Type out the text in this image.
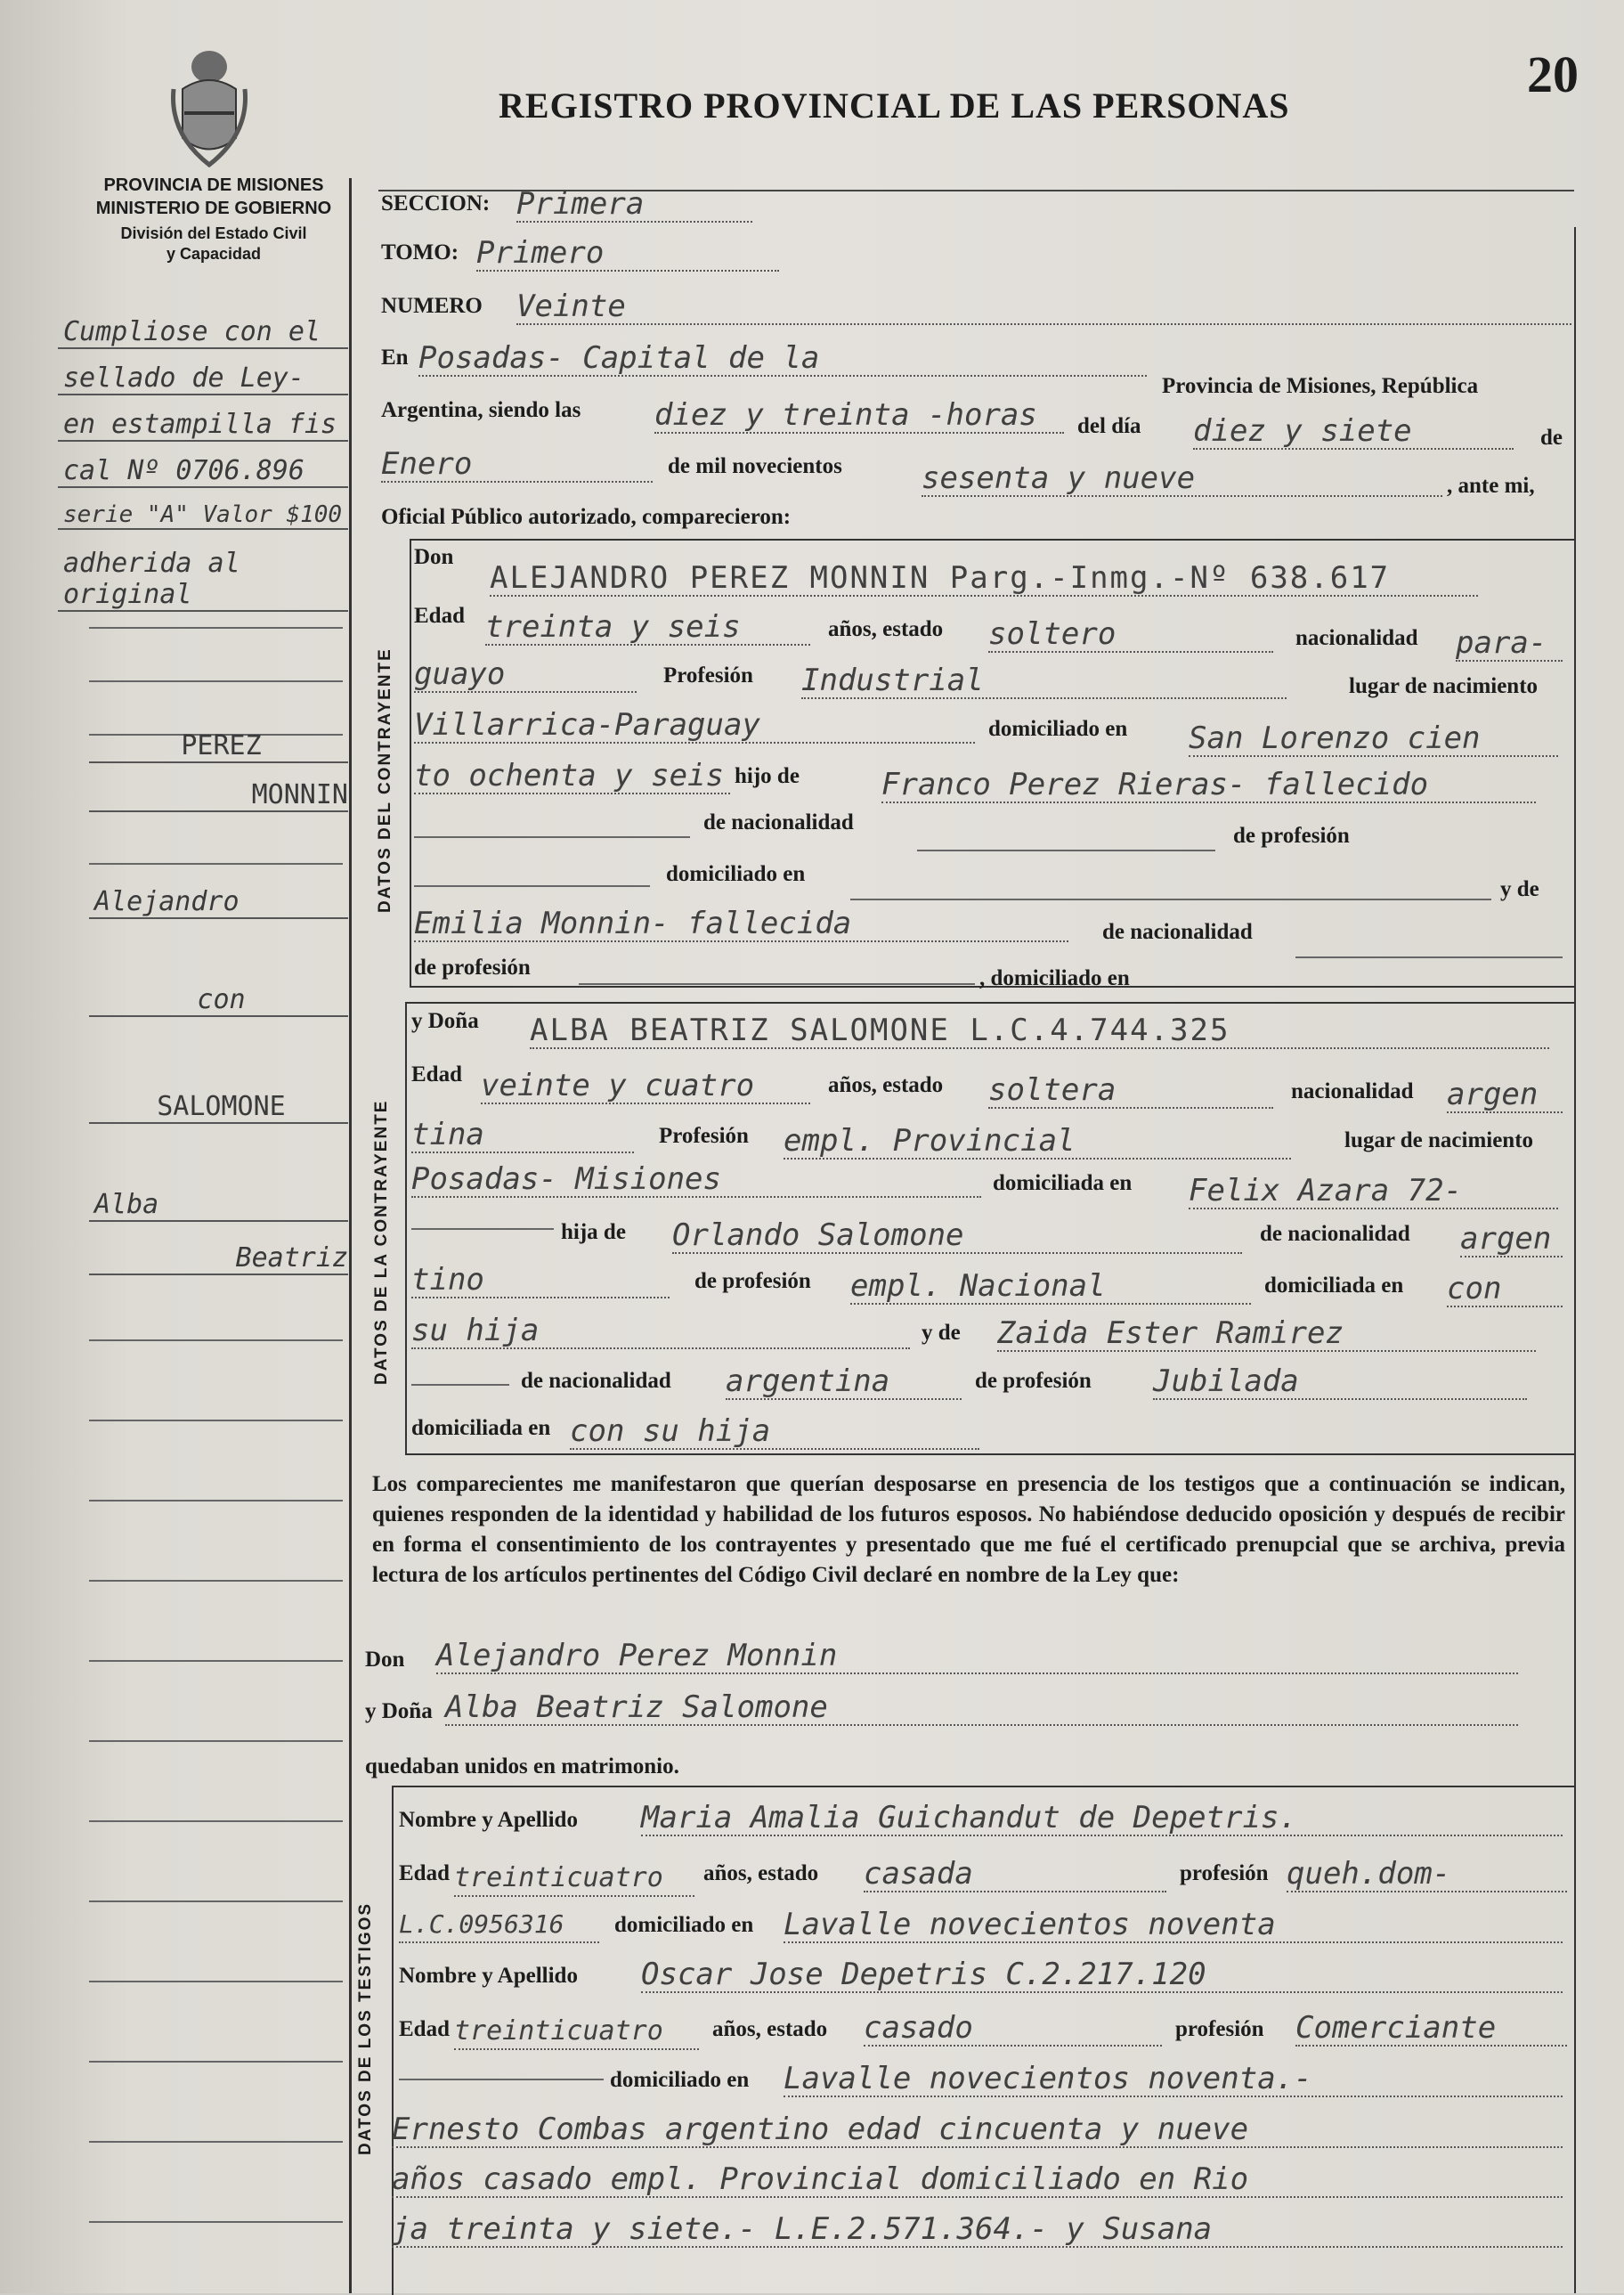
PROVINCIA DE MISIONES
MINISTERIO DE GOBIERNO
División del Estado Civil
y Capacidad
REGISTRO PROVINCIAL DE LAS PERSONAS
20
Cumpliose con el
sellado de Ley-
en estampilla fis
cal Nº 0706.896
serie "A" Valor $100
adherida al original
PEREZ
MONNIN
Alejandro
con
SALOMONE
Alba
Beatriz
SECCION: Primera
TOMO: Primero
NUMERO Veinte
En Posadas- Capital de la
Provincia de Misiones, República
Argentina, siendo las diez y treinta -horas	del día diez y siete	de
Enero	de mil novecientos	sesenta y nueve	, ante mi,
Oficial Público autorizado, comparecieron:
DATOS DEL CONTRAYENTE
Don
ALEJANDRO PEREZ MONNIN Parg.-Inmg.-Nº 638.617
Edad treinta y seis	años, estado soltero	nacionalidad para-
guayo	Profesión Industrial	lugar de nacimiento
Villarrica-Paraguay	domiciliado en San Lorenzo cien
to ochenta y seis hijo de	Franco Perez Rieras- fallecido
de nacionalidad
de profesión
domiciliado en
y de
Emilia Monnin- fallecida	de nacionalidad
de profesión	, domiciliado en
DATOS DE LA CONTRAYENTE
y Doña ALBA BEATRIZ SALOMONE L.C.4.744.325
Edad veinte y cuatro	años, estado soltera	nacionalidad argen
tina	Profesión empl. Provincial	lugar de nacimiento
Posadas- Misiones	domiciliada en Felix Azara 72-
hija de Orlando Salomone	de nacionalidad argen
tino	de profesión empl. Nacional	domiciliada en con
su hija	y de Zaida Ester Ramirez
de nacionalidad argentina	de profesión Jubilada
domiciliada en con su hija
Los comparecientes me manifestaron que querían desposarse en presencia de los testigos que a continuación se indican, quienes responden de la identidad y habilidad de los futuros esposos. No habiéndose deducido oposición y después de recibir en forma el consentimiento de los contrayentes y presentado que me fué el certificado prenupcial que se archiva, previa lectura de los artículos pertinentes del Código Civil declaré en nombre de la Ley que:
Don Alejandro Perez Monnin
y Doña Alba Beatriz Salomone
quedaban unidos en matrimonio.
DATOS DE LOS TESTIGOS
Nombre y Apellido Maria Amalia Guichandut de Depetris.
Edad treinticuatro	años, estado casada	profesión queh.dom-
L.C.0956316	domiciliado en Lavalle novecientos noventa
Nombre y Apellido Oscar Jose Depetris C.2.217.120
Edad treinticuatro	años, estado casado	profesión Comerciante
domiciliado en Lavalle novecientos noventa.-
Ernesto Combas argentino edad cincuenta y nueve
años casado empl. Provincial domiciliado en Rio
ja treinta y siete.- L.E.2.571.364.- y Susana
